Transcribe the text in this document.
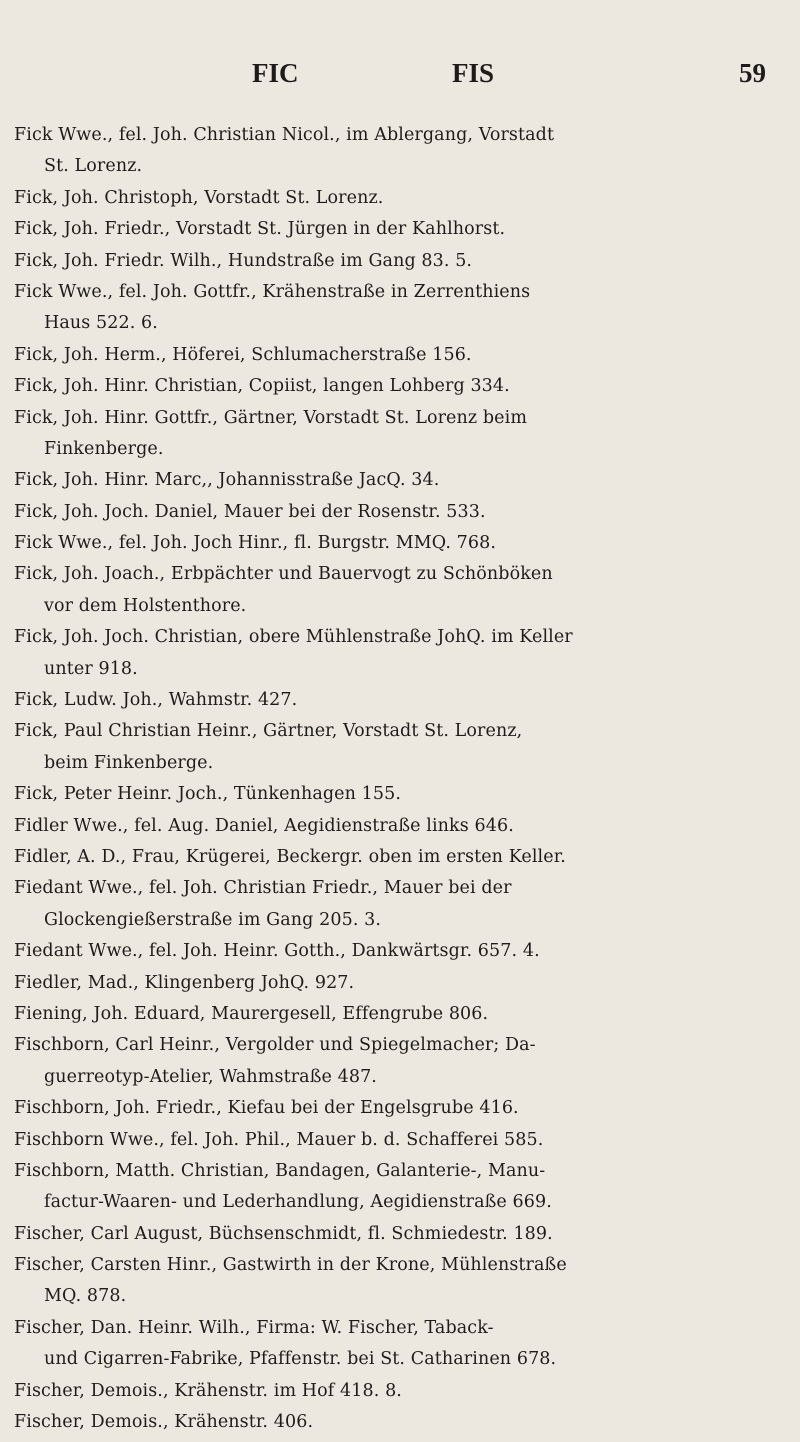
FIC	FIS	59
Fick Wwe., fel. Joh. Christian Nicol., im Ablergang, Vorstadt
St. Lorenz.
Fick, Joh. Christoph, Vorstadt St. Lorenz.
Fick, Joh. Friedr., Vorstadt St. Jürgen in der Kahlhorst.
Fick, Joh. Friedr. Wilh., Hundstraße im Gang 83. 5.
Fick Wwe., fel. Joh. Gottfr., Krähenstraße in Zerrenthiens
Haus 522. 6.
Fick, Joh. Herm., Höferei, Schlumacherstraße 156.
Fick, Joh. Hinr. Christian, Copiist, langen Lohberg 334.
Fick, Joh. Hinr. Gottfr., Gärtner, Vorstadt St. Lorenz beim
Finkenberge.
Fick, Joh. Hinr. Marc,, Johannisstraße JacQ. 34.
Fick, Joh. Joch. Daniel, Mauer bei der Rosenstr. 533.
Fick Wwe., fel. Joh. Joch Hinr., fl. Burgstr. MMQ. 768.
Fick, Joh. Joach., Erbpächter und Bauervogt zu Schönböken
vor dem Holstenthore.
Fick, Joh. Joch. Christian, obere Mühlenstraße JohQ. im Keller
unter 918.
Fick, Ludw. Joh., Wahmstr. 427.
Fick, Paul Christian Heinr., Gärtner, Vorstadt St. Lorenz,
beim Finkenberge.
Fick, Peter Heinr. Joch., Tünkenhagen 155.
Fidler Wwe., fel. Aug. Daniel, Aegidienstraße links 646.
Fidler, A. D., Frau, Krügerei, Beckergr. oben im ersten Keller.
Fiedant Wwe., fel. Joh. Christian Friedr., Mauer bei der
Glockengießerstraße im Gang 205. 3.
Fiedant Wwe., fel. Joh. Heinr. Gotth., Dankwärtsgr. 657. 4.
Fiedler, Mad., Klingenberg JohQ. 927.
Fiening, Joh. Eduard, Maurergesell, Effengrube 806.
Fischborn, Carl Heinr., Vergolder und Spiegelmacher; Da-
guerreotyp-Atelier, Wahmstraße 487.
Fischborn, Joh. Friedr., Kiefau bei der Engelsgrube 416.
Fischborn Wwe., fel. Joh. Phil., Mauer b. d. Schafferei 585.
Fischborn, Matth. Christian, Bandagen, Galanterie-, Manu-
factur-Waaren- und Lederhandlung, Aegidienstraße 669.
Fischer, Carl August, Büchsenschmidt, fl. Schmiedestr. 189.
Fischer, Carsten Hinr., Gastwirth in der Krone, Mühlenstraße
MQ. 878.
Fischer, Dan. Heinr. Wilh., Firma: W. Fischer, Taback-
und Cigarren-Fabrike, Pfaffenstr. bei St. Catharinen 678.
Fischer, Demois., Krähenstr. im Hof 418. 8.
Fischer, Demois., Krähenstr. 406.
